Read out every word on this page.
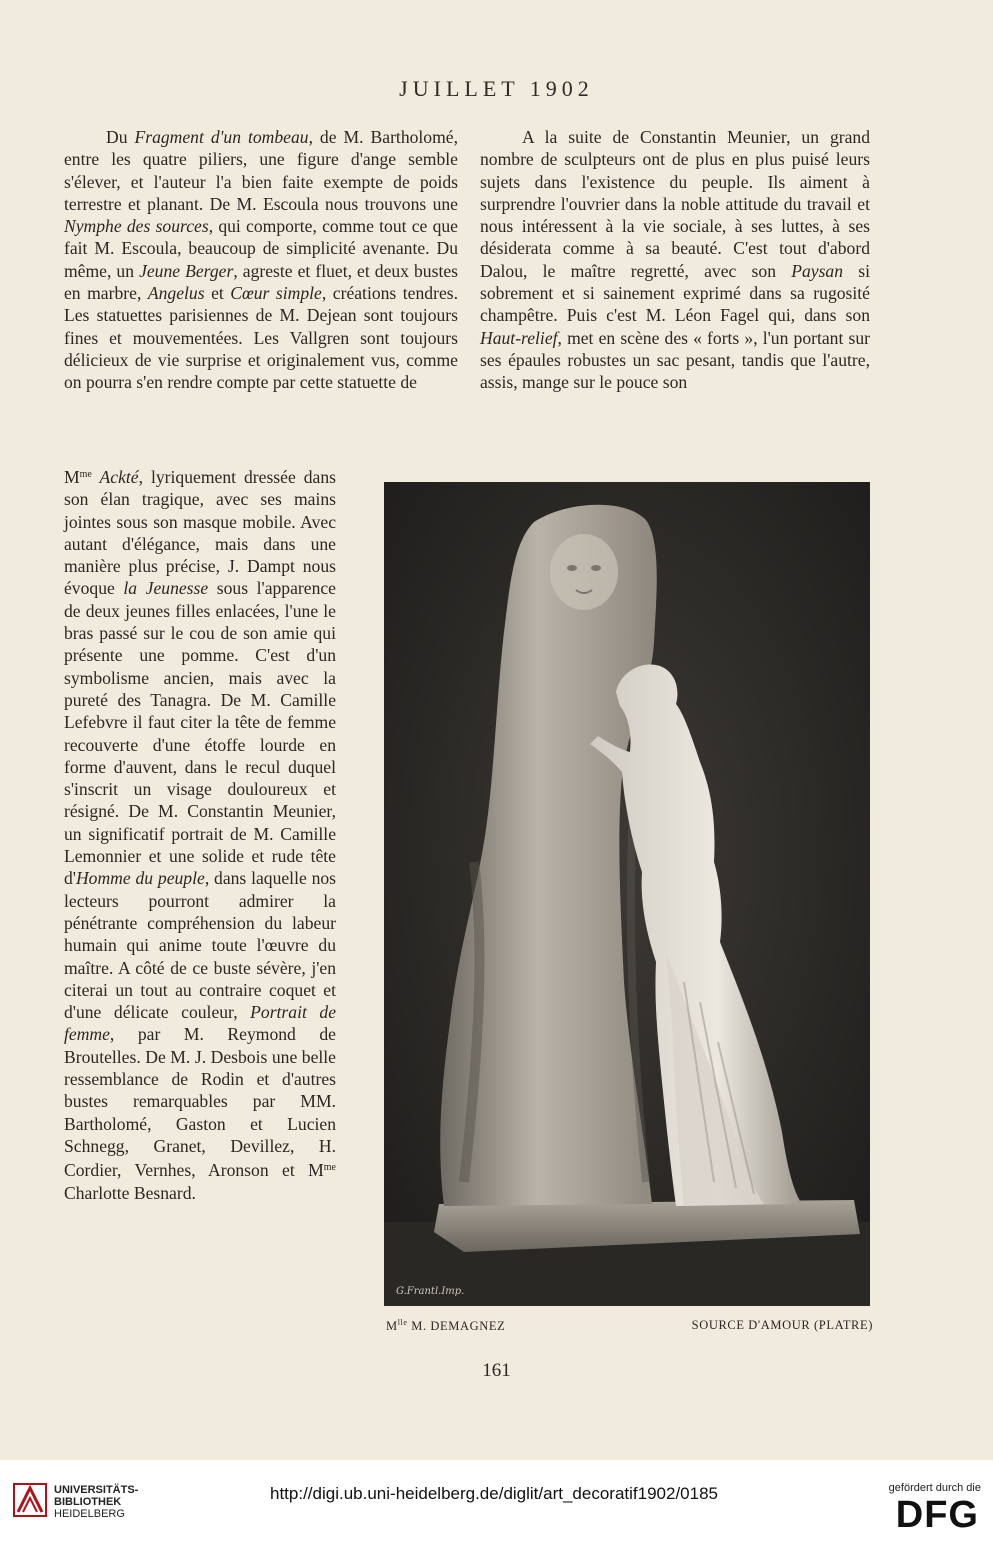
JUILLET 1902

Du Fragment d'un tombeau, de M. Bartholomé, entre les quatre piliers, une figure d'ange semble s'élever, et l'auteur l'a bien faite exempte de poids terrestre et planant. De M. Escoula nous trouvons une Nymphe des sources, qui comporte, comme tout ce que fait M. Escoula, beaucoup de simplicité avenante. Du même, un Jeune Berger, agreste et fluet, et deux bustes en marbre, Angelus et Cœur simple, créations tendres. Les statuettes parisiennes de M. Dejean sont toujours fines et mouvementées. Les Vallgren sont toujours délicieux de vie surprise et originalement vus, comme on pourra s'en rendre compte par cette statuette de

A la suite de Constantin Meunier, un grand nombre de sculpteurs ont de plus en plus puisé leurs sujets dans l'existence du peuple. Ils aiment à surprendre l'ouvrier dans la noble attitude du travail et nous intéressent à la vie sociale, à ses luttes, à ses désiderata comme à sa beauté. C'est tout d'abord Dalou, le maître regretté, avec son Paysan si sobrement et si sainement exprimé dans sa rugosité champêtre. Puis c'est M. Léon Fagel qui, dans son Haut-relief, met en scène des « forts », l'un portant sur ses épaules robustes un sac pesant, tandis que l'autre, assis, mange sur le pouce son

$M^{me}$ Ackté, lyriquement dressée dans son élan tragique, avec ses mains jointes sous son masque mobile. Avec autant d'élégance, mais dans une manière plus précise, J. Dampt nous évoque la Jeunesse sous l'apparence de deux jeunes filles enlacées, l'une le bras passé sur le cou de son amie qui présente une pomme. C'est d'un symbolisme ancien, mais avec la pureté des Tanagra. De M. Camille Lefebvre il faut citer la tête de femme recouverte d'une étoffe lourde en forme d'auvent, dans le recul duquel s'inscrit un visage douloureux et résigné. De M. Constantin Meunier, un significatif portrait de M. Camille Lemonnier et une solide et rude tête d'Homme du peuple, dans laquelle nos lecteurs pourront admirer la pénétrante compréhension du labeur humain qui anime toute l'œuvre du maître. A côté de ce buste sévère, j'en citerai un tout au contraire coquet et d'une délicate couleur, Portrait de femme, par M. Reymond de Broutelles. De M. J. Desbois une belle ressemblance de Rodin et d'autres bustes remarquables par MM. Bartholomé, Gaston et Lucien Schnegg, Granet, Devillez, H. Cordier, Vernhes, Aronson et $M^{me}$ Charlotte Besnard.

G.Frantl.Imp.
$M^{lle}$ M. DEMAGNEZ	SOURCE D'AMOUR (PLATRE)
161
UNIVERSITÄTS-
BIBLIOTHEK
HEIDELBERG
http://digi.ub.uni-heidelberg.de/diglit/art_decoratif1902/0185	gefördert durch die
DFG
